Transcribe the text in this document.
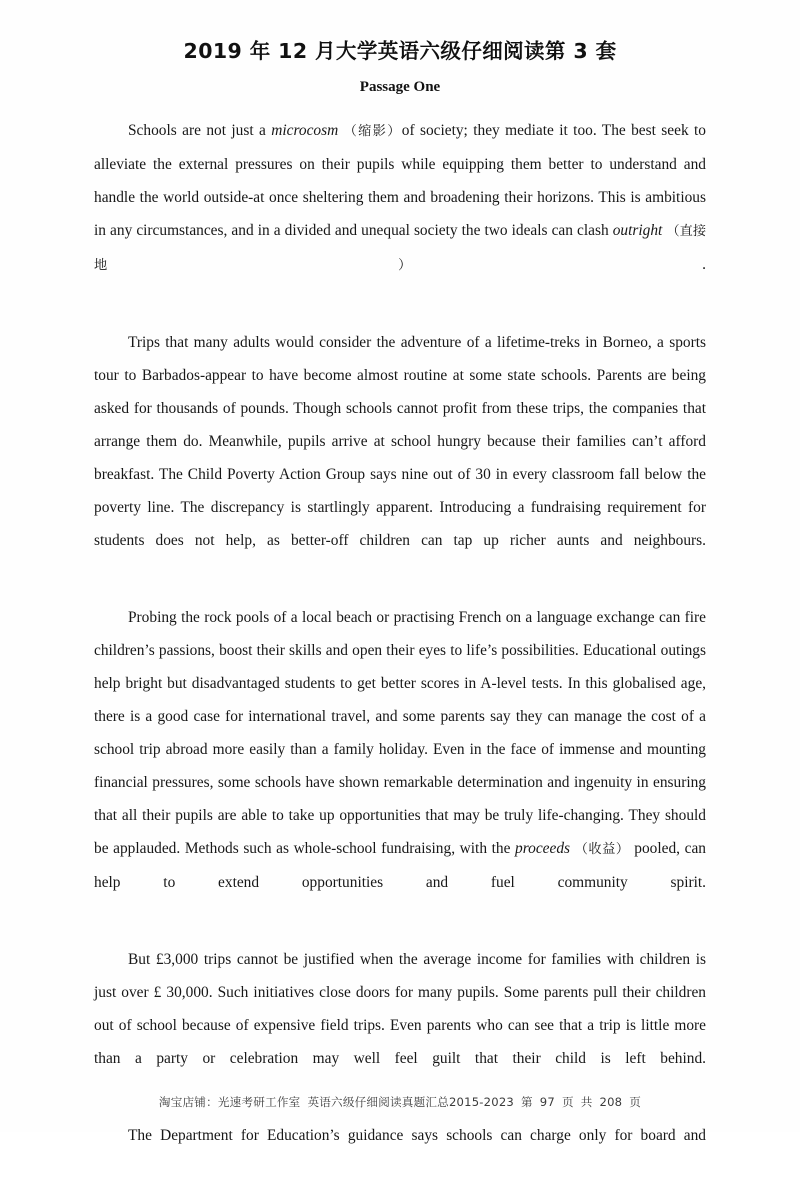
2019 年 12 月大学英语六级仔细阅读第 3 套
Passage One

Schools are not just a microcosm （缩影）of society; they mediate it too. The best seek to alleviate the external pressures on their pupils while equipping them better to understand and handle the world outside-at once sheltering them and broadening their horizons. This is ambitious in any circumstances, and in a divided and unequal society the two ideals can clash outright （直接地）.

Trips that many adults would consider the adventure of a lifetime-treks in Borneo, a sports tour to Barbados-appear to have become almost routine at some state schools. Parents are being asked for thousands of pounds. Though schools cannot profit from these trips, the companies that arrange them do. Meanwhile, pupils arrive at school hungry because their families can’t afford breakfast. The Child Poverty Action Group says nine out of 30 in every classroom fall below the poverty line. The discrepancy is startlingly apparent. Introducing a fundraising requirement for students does not help, as better-off children can tap up richer aunts and neighbours.

Probing the rock pools of a local beach or practising French on a language exchange can fire children’s passions, boost their skills and open their eyes to life’s possibilities. Educational outings help bright but disadvantaged students to get better scores in A-level tests. In this globalised age, there is a good case for international travel, and some parents say they can manage the cost of a school trip abroad more easily than a family holiday. Even in the face of immense and mounting financial pressures, some schools have shown remarkable determination and ingenuity in ensuring that all their pupils are able to take up opportunities that may be truly life-changing. They should be applauded. Methods such as whole-school fundraising, with the proceeds （收益） pooled, can help to extend opportunities and fuel community spirit.

But £3,000 trips cannot be justified when the average income for families with children is just over £ 30,000. Such initiatives close doors for many pupils. Some parents pull their children out of school because of expensive field trips. Even parents who can see that a trip is little more than a party or celebration may well feel guilt that their child is left behind.

The Department for Education’s guidance says schools can charge only for board and

淘宝店铺：光速考研工作室 英语六级仔细阅读真题汇总2015-2023 第 97 页 共 208 页
